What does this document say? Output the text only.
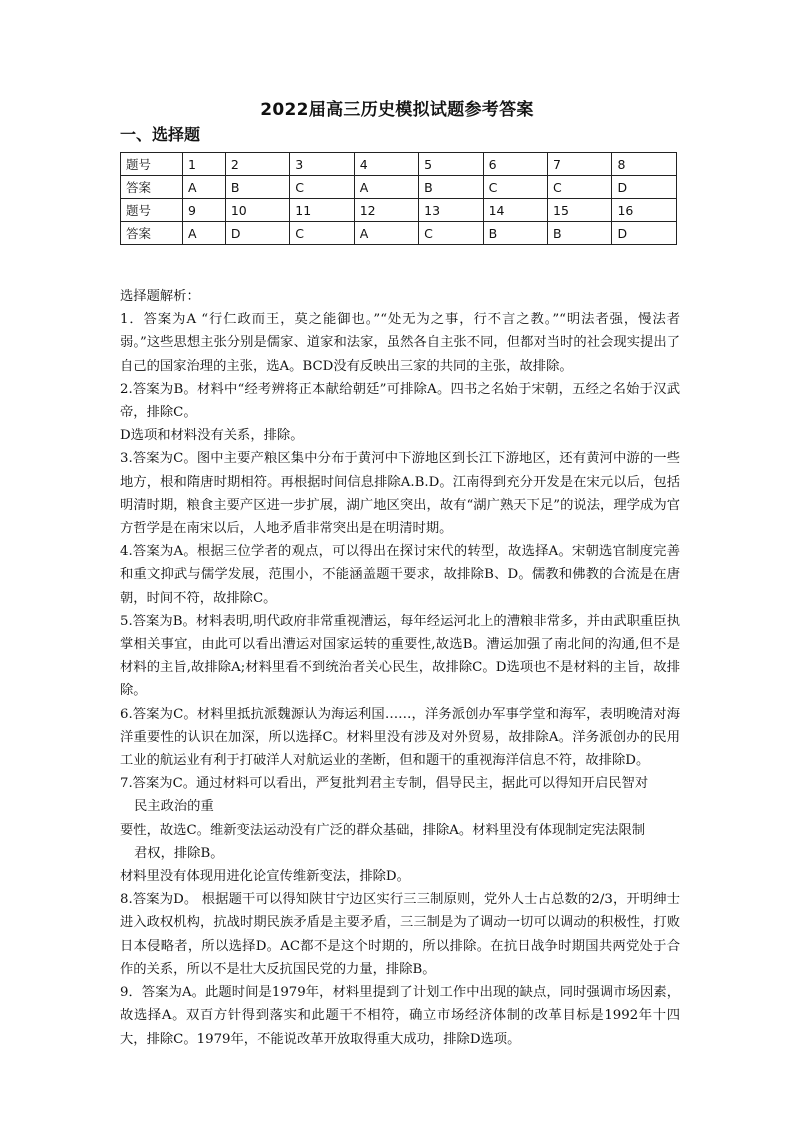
2022届高三历史模拟试题参考答案
一、选择题
题号	1	2	3	4	5	6	7	8
答案	A	B	C	A	B	C	C	D
题号	9	10	11	12	13	14	15	16
答案	A	D	C	A	C	B	B	D

选择题解析：

1．答案为A “行仁政而王，莫之能御也。”“处无为之事，行不言之教。”“明法者强，慢法者弱。”这些思想主张分别是儒家、道家和法家，虽然各自主张不同，但都对当时的社会现实提出了自己的国家治理的主张，选A。BCD没有反映出三家的共同的主张，故排除。

2.答案为B。材料中“经考辨将正本献给朝廷”可排除A。四书之名始于宋朝，五经之名始于汉武帝，排除C。

D选项和材料没有关系，排除。

3.答案为C。图中主要产粮区集中分布于黄河中下游地区到长江下游地区，还有黄河中游的一些地方，根和隋唐时期相符。再根据时间信息排除A.B.D。江南得到充分开发是在宋元以后，包括明清时期，粮食主要产区进一步扩展，湖广地区突出，故有“湖广熟天下足”的说法，理学成为官方哲学是在南宋以后，人地矛盾非常突出是在明清时期。

4.答案为A。根据三位学者的观点，可以得出在探讨宋代的转型，故选择A。宋朝选官制度完善和重文抑武与儒学发展，范围小，不能涵盖题干要求，故排除B、D。儒教和佛教的合流是在唐朝，时间不符，故排除C。

5.答案为B。材料表明,明代政府非常重视漕运，每年经运河北上的漕粮非常多，并由武职重臣执掌相关事宜，由此可以看出漕运对国家运转的重要性,故选B。漕运加强了南北间的沟通,但不是材料的主旨,故排除A;材料里看不到统治者关心民生，故排除C。D选项也不是材料的主旨，故排除。

6.答案为C。材料里抵抗派魏源认为海运利国……，洋务派创办军事学堂和海军，表明晚清对海洋重要性的认识在加深，所以选择C。材料里没有涉及对外贸易，故排除A。洋务派创办的民用工业的航运业有利于打破洋人对航运业的垄断，但和题干的重视海洋信息不符，故排除D。

7.答案为C。通过材料可以看出，严复批判君主专制，倡导民主，据此可以得知开启民智对

民主政治的重

要性，故选C。维新变法运动没有广泛的群众基础，排除A。材料里没有体现制定宪法限制

君权，排除B。

材料里没有体现用进化论宣传维新变法，排除D。

8.答案为D。 根据题干可以得知陕甘宁边区实行三三制原则，党外人士占总数的2/3，开明绅士进入政权机构，抗战时期民族矛盾是主要矛盾，三三制是为了调动一切可以调动的积极性，打败日本侵略者，所以选择D。AC都不是这个时期的，所以排除。在抗日战争时期国共两党处于合作的关系，所以不是壮大反抗国民党的力量，排除B。

9．答案为A。此题时间是1979年，材料里提到了计划工作中出现的缺点，同时强调市场因素，故选择A。双百方针得到落实和此题干不相符，确立市场经济体制的改革目标是1992年十四大，排除C。1979年，不能说改革开放取得重大成功，排除D选项。
